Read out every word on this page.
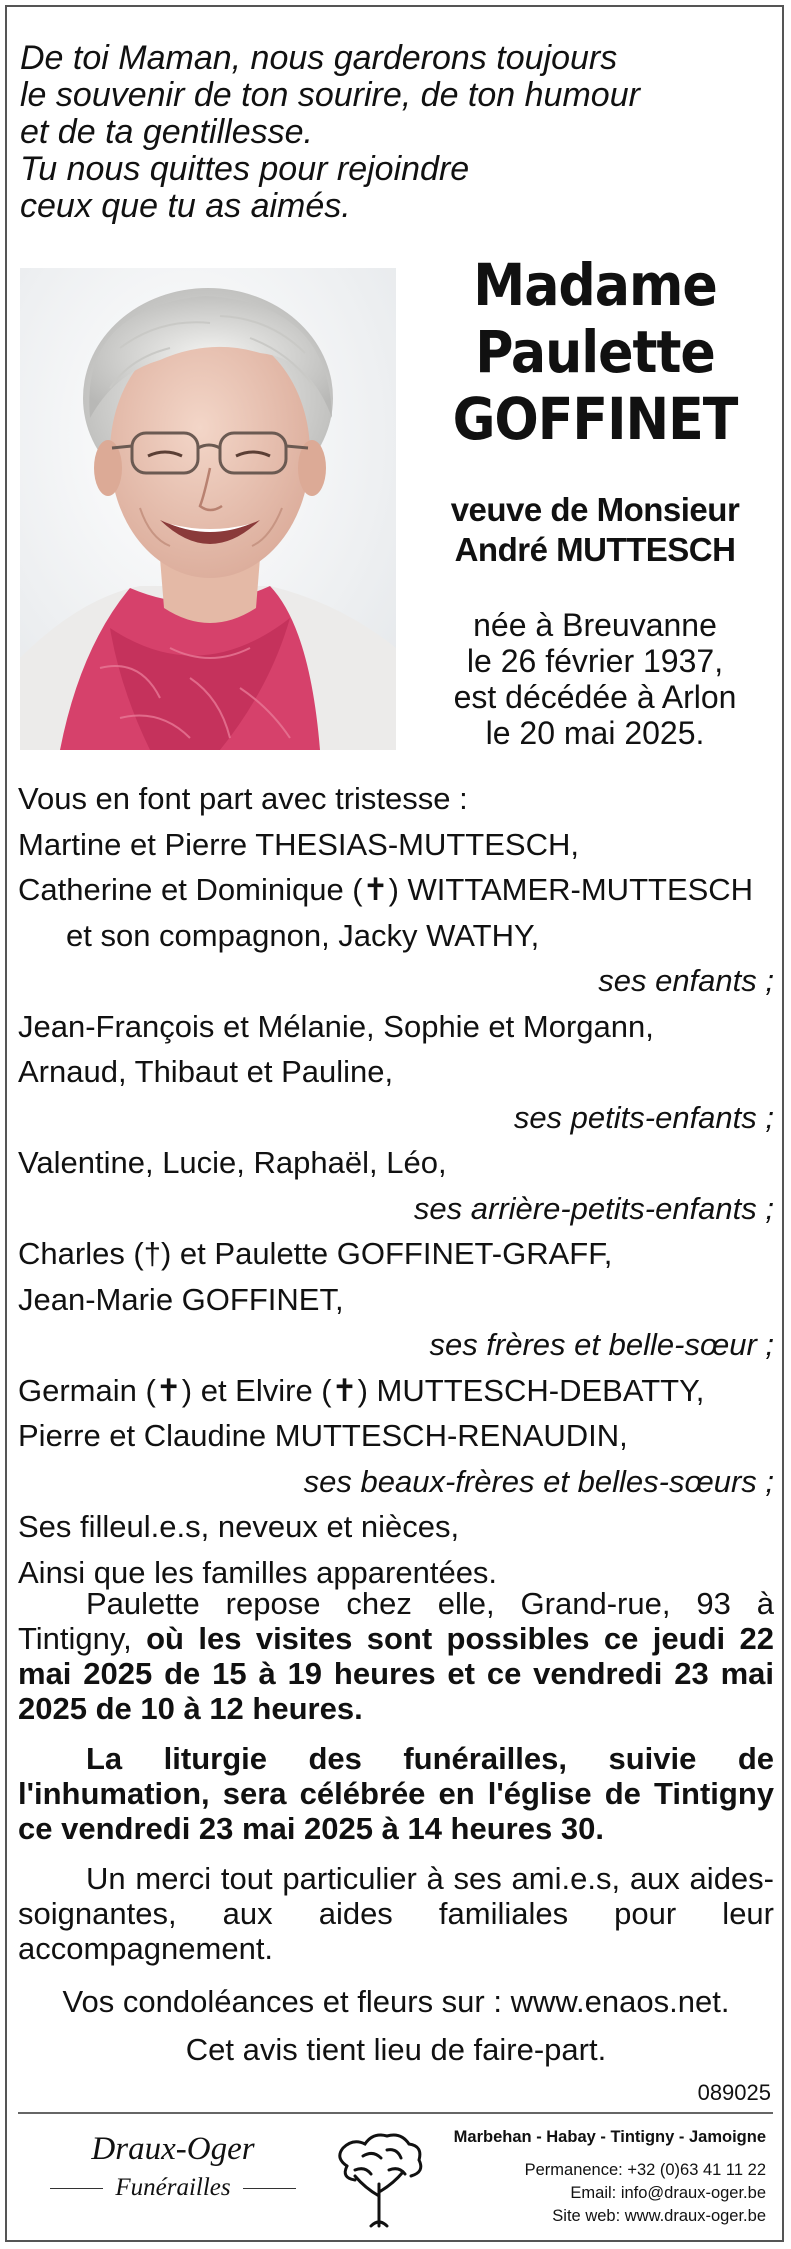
De toi Maman, nous garderons toujours
le souvenir de ton sourire, de ton humour
et de ta gentillesse.
Tu nous quittes pour rejoindre
ceux que tu as aimés.
Madame
Paulette
GOFFINET
veuve de Monsieur
André MUTTESCH
née à Breuvanne
le 26 février 1937,
est décédée à Arlon
le 20 mai 2025.
Vous en font part avec tristesse :
Martine et Pierre THESIAS-MUTTESCH,
Catherine et Dominique (✝) WITTAMER-MUTTESCH
et son compagnon, Jacky WATHY,
ses enfants ;
Jean-François et Mélanie, Sophie et Morgann,
Arnaud, Thibaut et Pauline,
ses petits-enfants ;
Valentine, Lucie, Raphaël, Léo,
ses arrière-petits-enfants ;
Charles (†) et Paulette GOFFINET-GRAFF,
Jean-Marie GOFFINET,
ses frères et belle-sœur ;
Germain (✝) et Elvire (✝) MUTTESCH-DEBATTY,
Pierre et Claudine MUTTESCH-RENAUDIN,
ses beaux-frères et belles-sœurs ;
Ses filleul.e.s, neveux et nièces,
Ainsi que les familles apparentées.
Paulette repose chez elle, Grand-rue, 93 à Tintigny, où les visites sont possibles ce jeudi 22 mai 2025 de 15 à 19 heures et ce vendredi 23 mai 2025 de 10 à 12 heures.
La liturgie des funérailles, suivie de l'inhumation, sera célébrée en l'église de Tintigny ce vendredi 23 mai 2025 à 14 heures 30.
Un merci tout particulier à ses ami.e.s, aux aides-soignantes, aux aides familiales pour leur accompagnement.
Vos condoléances et fleurs sur : www.enaos.net.
Cet avis tient lieu de faire-part.
089025
Draux-Oger
Funérailles
Marbehan - Habay - Tintigny - Jamoigne
Permanence: +32 (0)63 41 11 22
Email: info@draux-oger.be
Site web: www.draux-oger.be
